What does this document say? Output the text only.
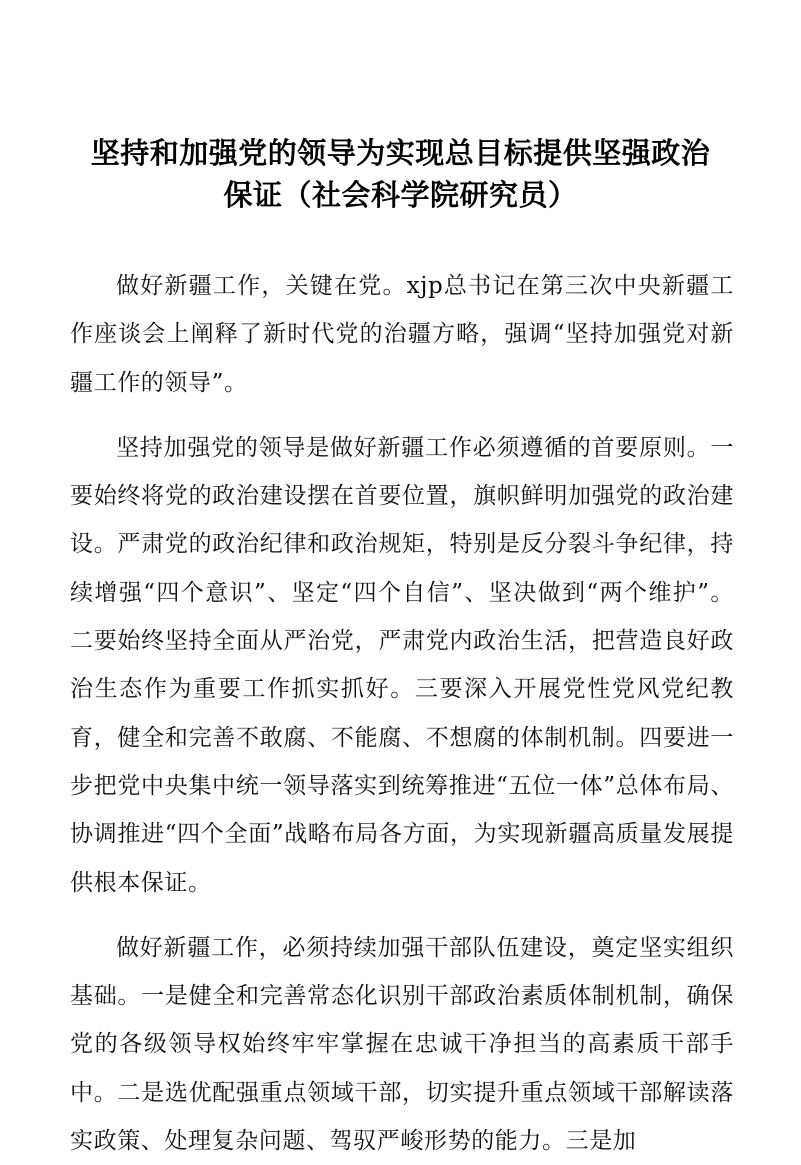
坚持和加强党的领导为实现总目标提供坚强政治
保证（社会科学院研究员）

做好新疆工作，关键在党。xjp总书记在第三次中央新疆工作座谈会上阐释了新时代党的治疆方略，强调“坚持加强党对新疆工作的领导”。

坚持加强党的领导是做好新疆工作必须遵循的首要原则。一要始终将党的政治建设摆在首要位置，旗帜鲜明加强党的政治建设。严肃党的政治纪律和政治规矩，特别是反分裂斗争纪律，持续增强“四个意识”、坚定“四个自信”、坚决做到“两个维护”。二要始终坚持全面从严治党，严肃党内政治生活，把营造良好政治生态作为重要工作抓实抓好。三要深入开展党性党风党纪教育，健全和完善不敢腐、不能腐、不想腐的体制机制。四要进一步把党中央集中统一领导落实到统筹推进“五位一体”总体布局、协调推进“四个全面”战略布局各方面，为实现新疆高质量发展提供根本保证。

做好新疆工作，必须持续加强干部队伍建设，奠定坚实组织基础。一是健全和完善常态化识别干部政治素质体制机制，确保党的各级领导权始终牢牢掌握在忠诚干净担当的高素质干部手中。二是选优配强重点领域干部，切实提升重点领域干部解读落实政策、处理复杂问题、驾驭严峻形势的能力。三是加
